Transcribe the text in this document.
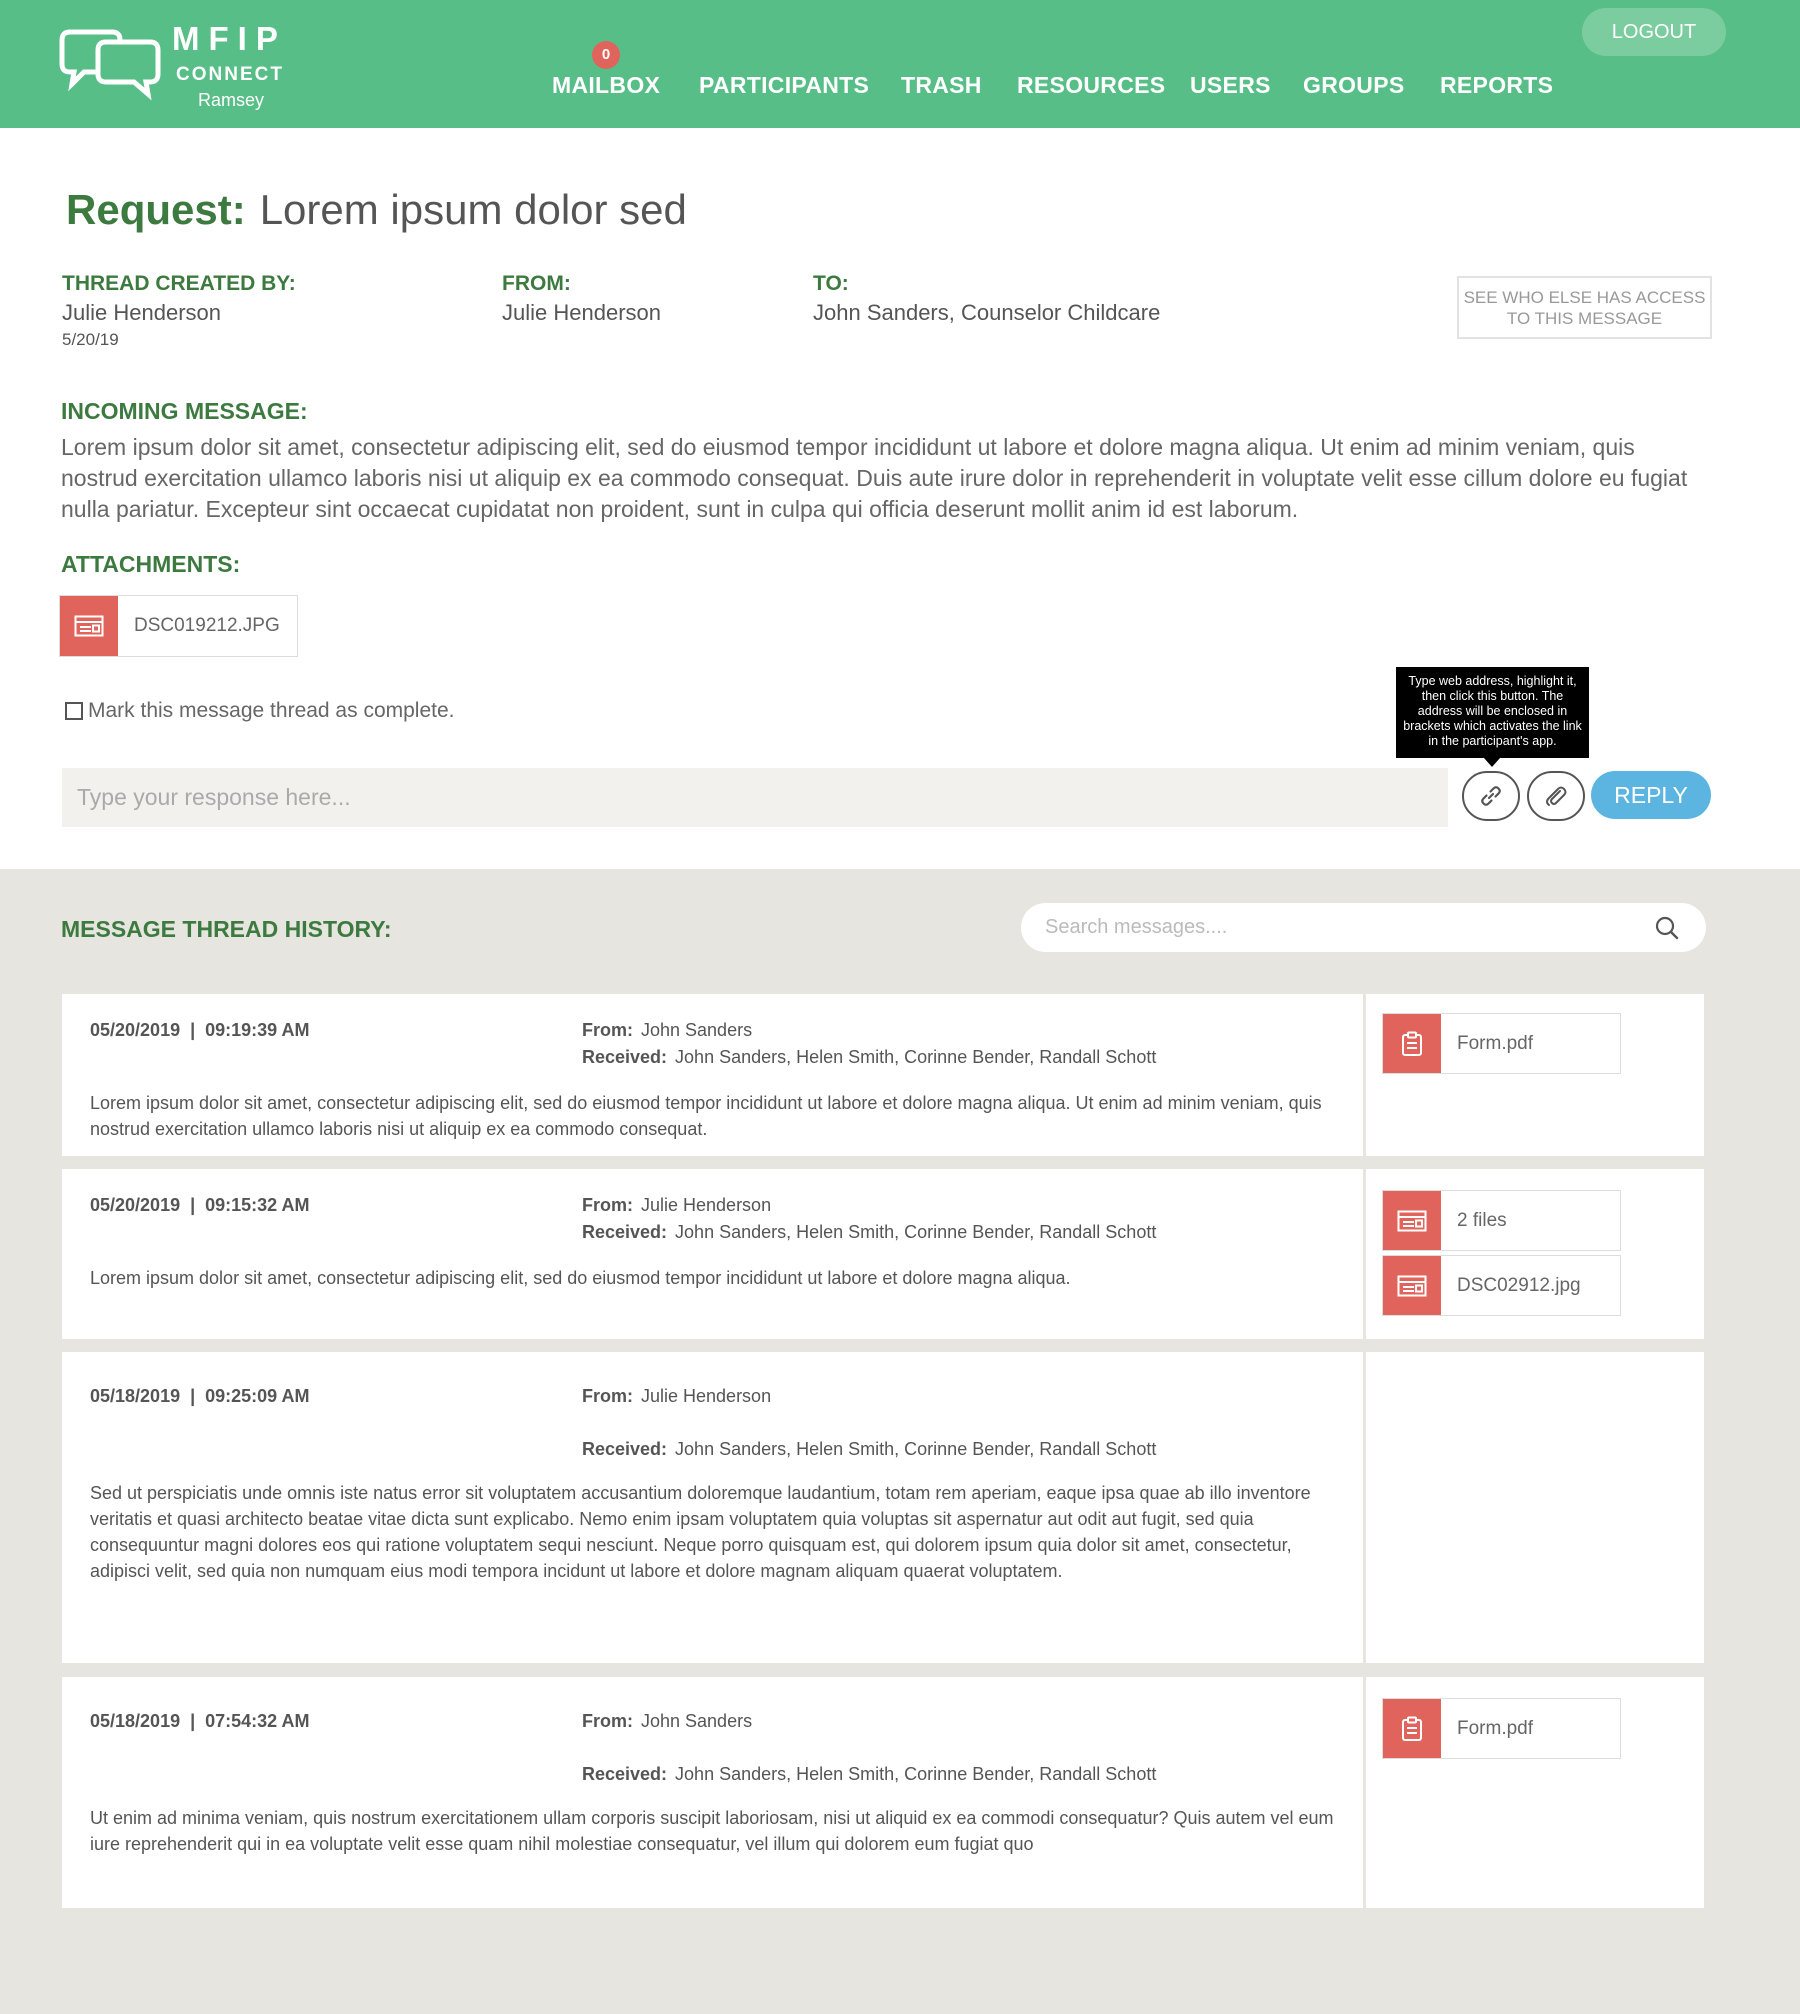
MFIP
CONNECT
Ramsey
0
MAILBOX PARTICIPANTS TRASH RESOURCES USERS GROUPS REPORTS
LOGOUT
Request: Lorem ipsum dolor sed
THREAD CREATED BY:
Julie Henderson
5/20/19
FROM:
Julie Henderson
TO:
John Sanders, Counselor Childcare
SEE WHO ELSE HAS ACCESS
TO THIS MESSAGE
INCOMING MESSAGE:
Lorem ipsum dolor sit amet, consectetur adipiscing elit, sed do eiusmod tempor incididunt ut labore et dolore magna aliqua. Ut enim ad minim veniam, quis nostrud exercitation ullamco laboris nisi ut aliquip ex ea commodo consequat. Duis aute irure dolor in reprehenderit in voluptate velit esse cillum dolore eu fugiat nulla pariatur. Excepteur sint occaecat cupidatat non proident, sunt in culpa qui officia deserunt mollit anim id est laborum.
ATTACHMENTS:
DSC019212.JPG
Mark this message thread as complete.
Type web address, highlight it, then click this button. The address will be enclosed in brackets which activates the link in the participant's app.
Type your response here...
REPLY
MESSAGE THREAD HISTORY:
Search messages....
05/20/2019  |  09:19:39 AM	From: John Sanders
Received: John Sanders, Helen Smith, Corinne Bender, Randall Schott
Lorem ipsum dolor sit amet, consectetur adipiscing elit, sed do eiusmod tempor incididunt ut labore et dolore magna aliqua. Ut enim ad minim veniam, quis nostrud exercitation ullamco laboris nisi ut aliquip ex ea commodo consequat.
Form.pdf
05/20/2019  |  09:15:32 AM	From: Julie Henderson
Received: John Sanders, Helen Smith, Corinne Bender, Randall Schott
Lorem ipsum dolor sit amet, consectetur adipiscing elit, sed do eiusmod tempor incididunt ut labore et dolore magna aliqua.
2 files
DSC02912.jpg
05/18/2019  |  09:25:09 AM	From: Julie Henderson
Received: John Sanders, Helen Smith, Corinne Bender, Randall Schott
Sed ut perspiciatis unde omnis iste natus error sit voluptatem accusantium doloremque laudantium, totam rem aperiam, eaque ipsa quae ab illo inventore veritatis et quasi architecto beatae vitae dicta sunt explicabo. Nemo enim ipsam voluptatem quia voluptas sit aspernatur aut odit aut fugit, sed quia consequuntur magni dolores eos qui ratione voluptatem sequi nesciunt. Neque porro quisquam est, qui dolorem ipsum quia dolor sit amet, consectetur, adipisci velit, sed quia non numquam eius modi tempora incidunt ut labore et dolore magnam aliquam quaerat voluptatem.
05/18/2019  |  07:54:32 AM	From: John Sanders
Received: John Sanders, Helen Smith, Corinne Bender, Randall Schott
Ut enim ad minima veniam, quis nostrum exercitationem ullam corporis suscipit laboriosam, nisi ut aliquid ex ea commodi consequatur? Quis autem vel eum iure reprehenderit qui in ea voluptate velit esse quam nihil molestiae consequatur, vel illum qui dolorem eum fugiat quo
Form.pdf
